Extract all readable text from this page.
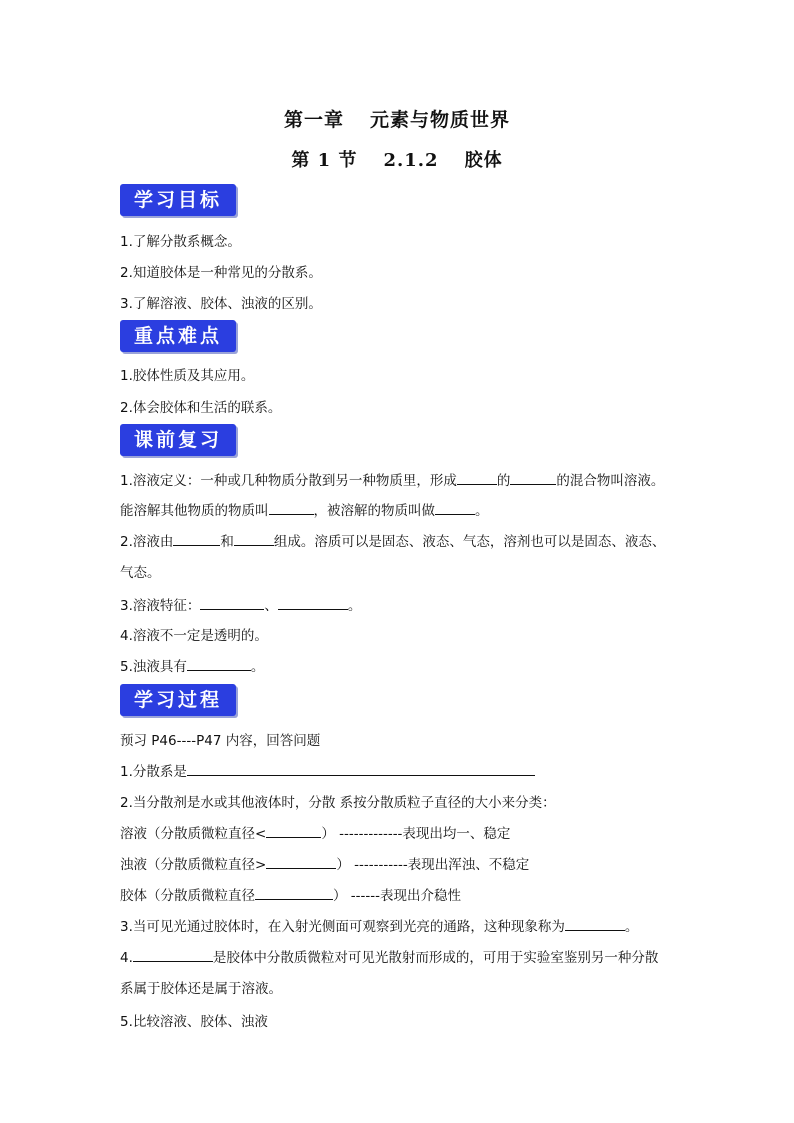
第一章 元素与物质世界
第 1 节 2.1.2 胶体
学习目标
1.了解分散系概念。
2.知道胶体是一种常见的分散系。
3.了解溶液、胶体、浊液的区别。
重点难点
1.胶体性质及其应用。
2.体会胶体和生活的联系。
课前复习
1.溶液定义：一种或几种物质分散到另一种物质里，形成	的	的混合物叫溶液。
能溶解其他物质的物质叫	，被溶解的物质叫做	。
2.溶液由	和	组成。溶质可以是固态、液态、气态，溶剂也可以是固态、液态、
气态。
3.溶液特征：	、	。
4.溶液不一定是透明的。
5.浊液具有	。
学习过程
预习 P46----P47 内容，回答问题
1.分散系是
2.当分散剂是水或其他液体时，分散 系按分散质粒子直径的大小来分类：
溶液（分散质微粒直径<	） -------------表现出均一、稳定
浊液（分散质微粒直径>	） -----------表现出浑浊、不稳定
胶体（分散质微粒直径	） ------表现出介稳性
3.当可见光通过胶体时，在入射光侧面可观察到光亮的通路，这种现象称为	。
4.	是胶体中分散质微粒对可见光散射而形成的，可用于实验室鉴别另一种分散
系属于胶体还是属于溶液。
5.比较溶液、胶体、浊液
